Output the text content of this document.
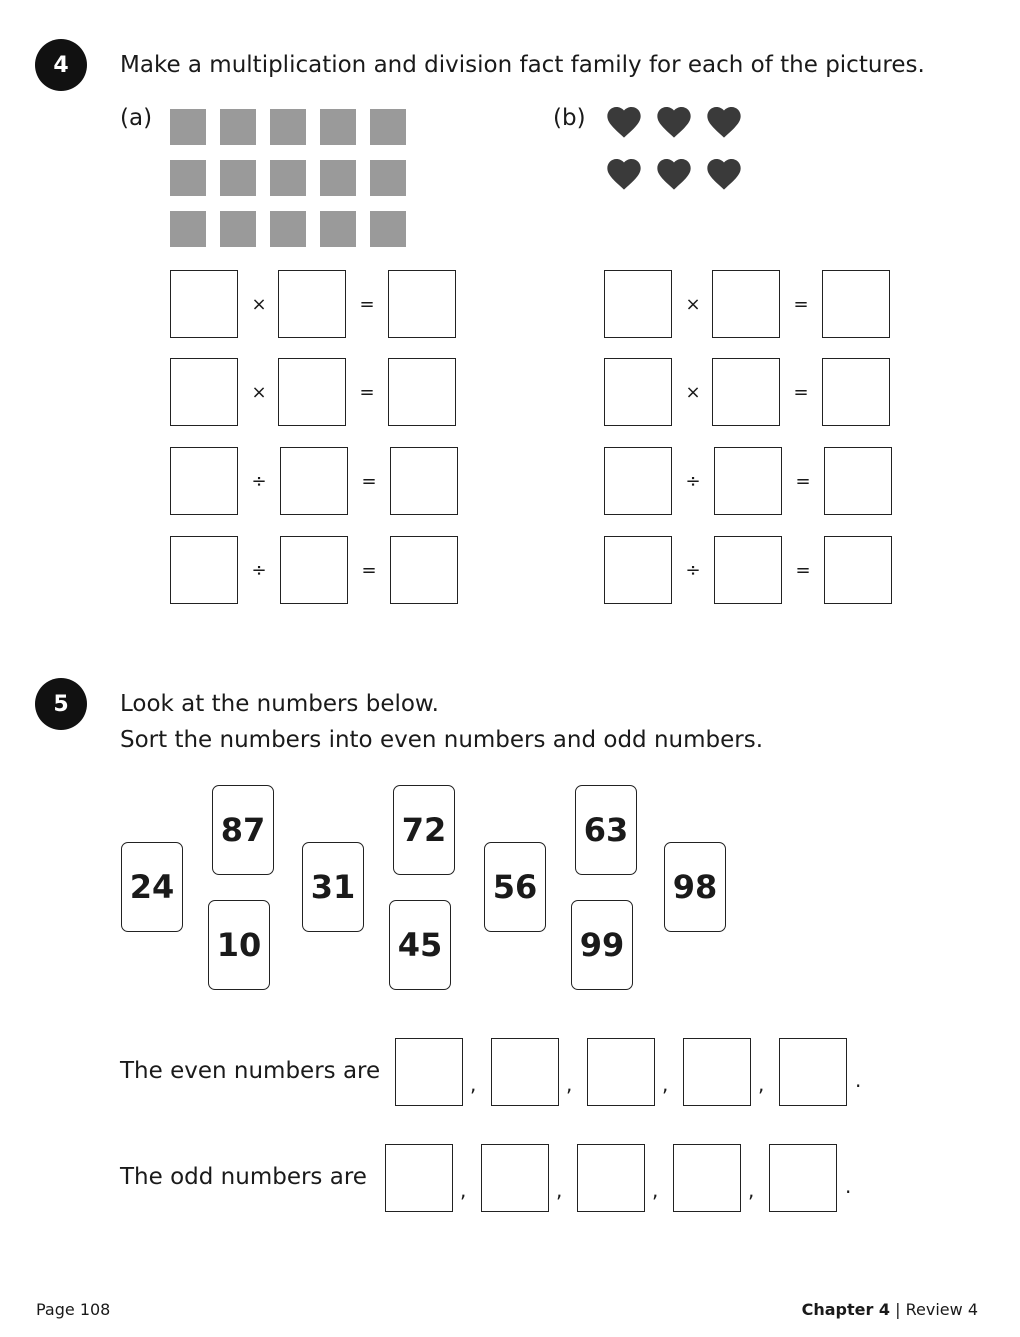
4 Make a multiplication and division fact family for each of the pictures.
(a)	(b)
×	=
×	=
÷	=
÷	=
×	=
×	=
÷	=
÷	=
5 Look at the numbers below.
Sort the numbers into even numbers and odd numbers.
24
87
10
31
72
45
56
63
99
98
The even numbers are	,	,	,	,	.
The odd numbers are	,	,	,	,	.
Page 108	Chapter 4 | Review 4
